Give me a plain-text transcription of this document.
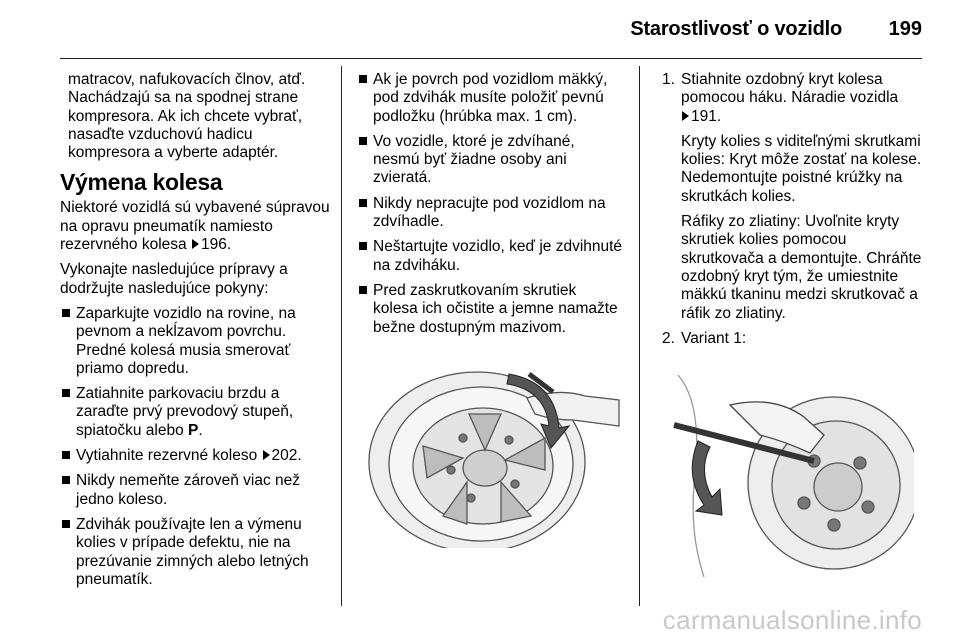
Starostlivosť o vozidlo 199

matracov, nafukovacích člnov, atď. Nachádzajú sa na spodnej strane kompresora. Ak ich chcete vybrať, nasaďte vzduchovú hadicu kompresora a vyberte adaptér.

Výmena kolesa

Niektoré vozidlá sú vybavené súpravou na opravu pneumatík namiesto rezervného kolesa 196.

Vykonajte nasledujúce prípravy a dodržujte nasledujúce pokyny:

Zaparkujte vozidlo na rovine, na pevnom a nekĺzavom povrchu. Predné kolesá musia smerovať priamo dopredu.
Zatiahnite parkovaciu brzdu a zaraďte prvý prevodový stupeň, spiatočku alebo P.
Vytiahnite rezervné koleso 202.
Nikdy nemeňte zároveň viac než jedno koleso.
Zdvihák používajte len a výmenu kolies v prípade defektu, nie na prezúvanie zimných alebo letných pneumatík.
Ak je povrch pod vozidlom mäkký, pod zdvihák musíte položiť pevnú podložku (hrúbka max. 1 cm).
Vo vozidle, ktoré je zdvíhané, nesmú byť žiadne osoby ani zvieratá.
Nikdy nepracujte pod vozidlom na zdvíhadle.
Neštartujte vozidlo, keď je zdvihnuté na zdviháku.
Pred zaskrutkovaním skrutiek kolesa ich očistite a jemne namažte bežne dostupným mazivom.
1. Stiahnite ozdobný kryt kolesa pomocou háku. Náradie vozidla
191.

Kryty kolies s viditeľnými skrutkami kolies: Kryt môže zostať na kolese. Nedemontujte poistné krúžky na skrutkách kolies.

Ráfiky zo zliatiny: Uvoľnite kryty skrutiek kolies pomocou skrutkovača a demontujte. Chráňte ozdobný kryt tým, že umiestnite mäkkú tkaninu medzi skrutkovač a ráfik zo zliatiny.

2. Variant 1:

carmanualsonline.info
